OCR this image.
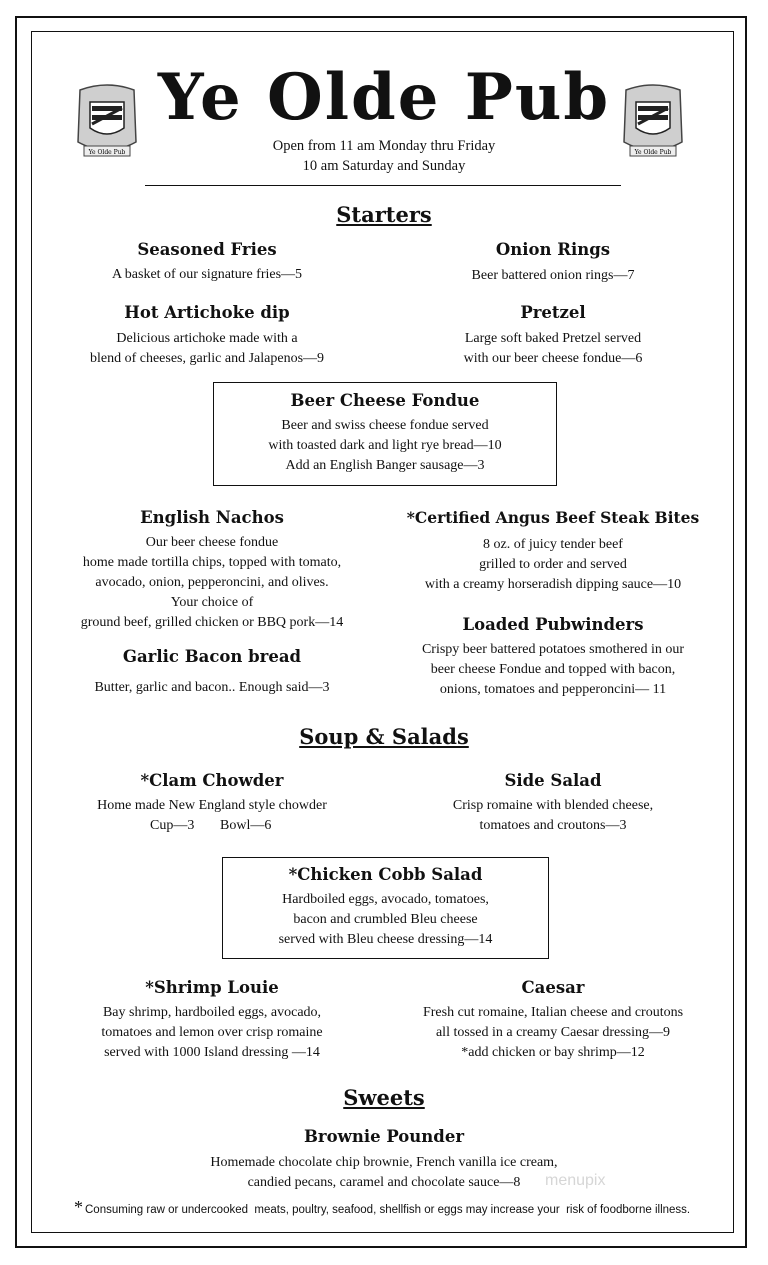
Ye Olde Pub	Ye Olde Pub
Ye Olde Pub
Open from 11 am Monday thru Friday
10 am Saturday and Sunday
Starters
Seasoned Fries
A basket of our signature fries—5
Onion Rings
Beer battered onion rings—7
Hot Artichoke dip
Delicious artichoke made with a
blend of cheeses, garlic and Jalapenos—9
Pretzel
Large soft baked Pretzel served
with our beer cheese fondue—6
Beer Cheese Fondue
Beer and swiss cheese fondue served
with toasted dark and light rye bread—10
Add an English Banger sausage—3
English Nachos
Our beer cheese fondue
home made tortilla chips, topped with tomato,
avocado, onion, pepperoncini, and olives.
Your choice of
ground beef, grilled chicken or BBQ pork—14
*Certified Angus Beef Steak Bites
8 oz. of juicy tender beef
grilled to order and served
with a creamy horseradish dipping sauce—10
Garlic Bacon bread
Butter, garlic and bacon.. Enough said—3
Loaded Pubwinders
Crispy beer battered potatoes smothered in our
beer cheese Fondue and topped with bacon,
onions, tomatoes and pepperoncini— 11
Soup & Salads
*Clam Chowder
Home made New England style chowder
Cup—3 Bowl—6
Side Salad
Crisp romaine with blended cheese,
tomatoes and croutons—3
*Chicken Cobb Salad
Hardboiled eggs, avocado, tomatoes,
bacon and crumbled Bleu cheese
served with Bleu cheese dressing—14
*Shrimp Louie
Bay shrimp, hardboiled eggs, avocado,
tomatoes and lemon over crisp romaine
served with 1000 Island dressing —14
Caesar
Fresh cut romaine, Italian cheese and croutons
all tossed in a creamy Caesar dressing—9
*add chicken or bay shrimp—12
Sweets
Brownie Pounder
Homemade chocolate chip brownie, French vanilla ice cream,
candied pecans, caramel and chocolate sauce—8	menupix
* Consuming raw or undercooked  meats, poultry, seafood, shellfish or eggs may increase your  risk of foodborne illness.
